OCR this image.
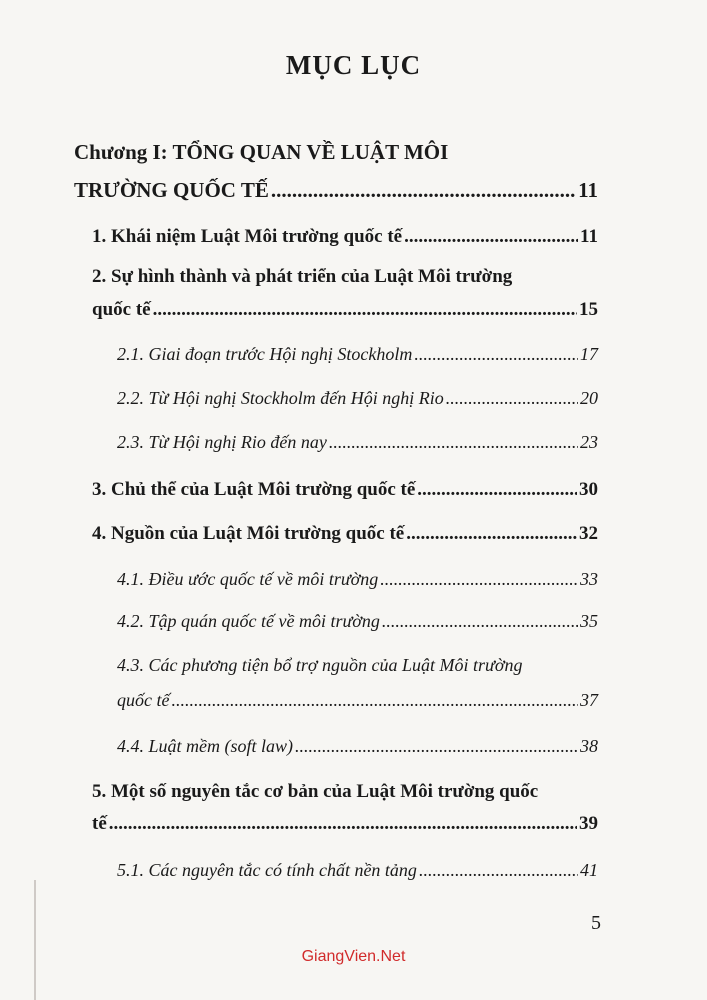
MỤC LỤC
Chương I: TỔNG QUAN VỀ LUẬT MÔI
TRƯỜNG QUỐC TẾ .....	11
1. Khái niệm Luật Môi trường quốc tế .....	11
2. Sự hình thành và phát triển của Luật Môi trường
quốc tế .....	15
2.1. Giai đoạn trước Hội nghị Stockholm .....	17
2.2. Từ Hội nghị Stockholm đến Hội nghị Rio .....	20
2.3. Từ Hội nghị Rio đến nay .....	23
3. Chủ thể của Luật Môi trường quốc tế .....	30
4. Nguồn của Luật Môi trường quốc tế .....	32
4.1. Điều ước quốc tế về môi trường .....	33
4.2. Tập quán quốc tế về môi trường .....	35
4.3. Các phương tiện bổ trợ nguồn của Luật Môi trường
quốc tế .....	37
4.4. Luật mềm (soft law) .....	38
5. Một số nguyên tắc cơ bản của Luật Môi trường quốc
tế .....	39
5.1. Các nguyên tắc có tính chất nền tảng .....	41
5
GiangVien.Net
